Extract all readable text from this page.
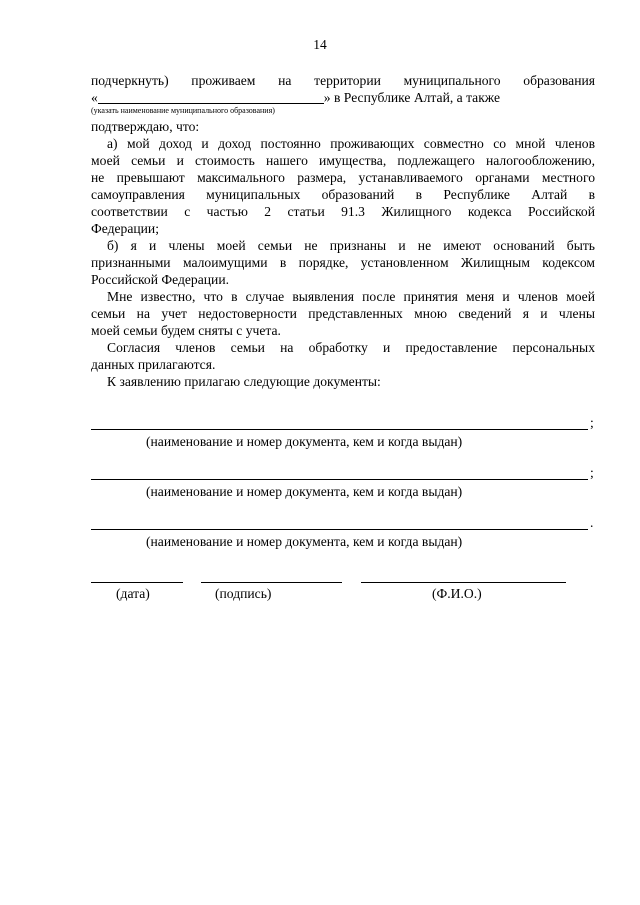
14

подчеркнуть) проживаем на территории муниципального образования

«	» в Республике Алтай, а также

(указать наименование муниципального образования)

подтверждаю, что:

а) мой доход и доход постоянно проживающих совместно со мной членов

моей семьи и стоимость нашего имущества, подлежащего налогообложению,

не превышают максимального размера, устанавливаемого органами местного

самоуправления муниципальных образований в Республике Алтай в

соответствии с частью 2 статьи 91.3 Жилищного кодекса Российской

Федерации;

б) я и члены моей семьи не признаны и не имеют оснований быть

признанными малоимущими в порядке, установленном Жилищным кодексом

Российской Федерации.

Мне известно, что в случае выявления после принятия меня и членов моей

семьи на учет недостоверности представленных мною сведений я и члены

моей семьи будем сняты с учета.

Согласия членов семьи на обработку и предоставление персональных

данных прилагаются.

К заявлению прилагаю следующие документы:

;
(наименование и номер документа, кем и когда выдан)
;
(наименование и номер документа, кем и когда выдан)
.
(наименование и номер документа, кем и когда выдан)
(дата)	(подпись)	(Ф.И.О.)
